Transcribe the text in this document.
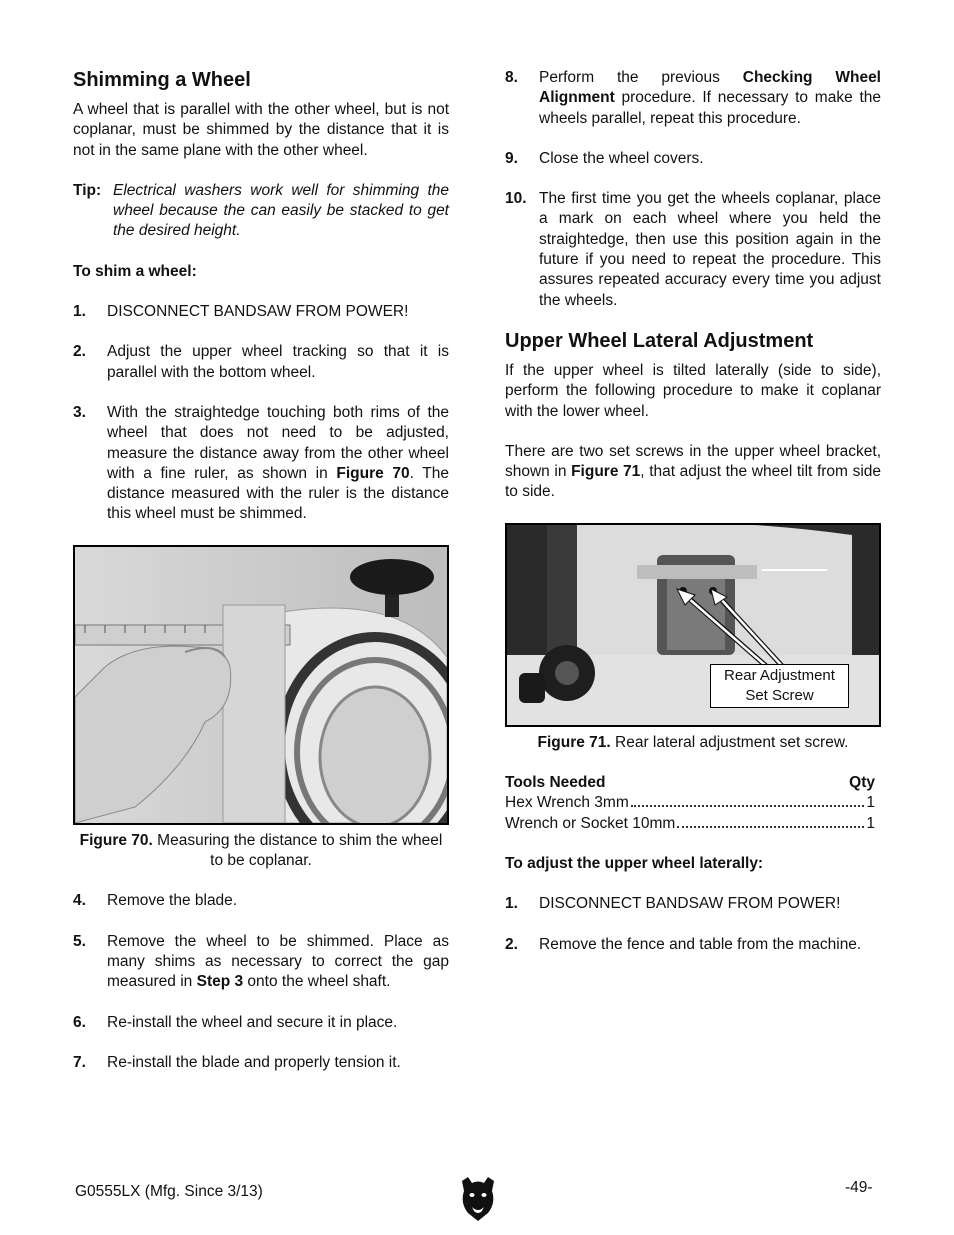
Shimming a Wheel

A wheel that is parallel with the other wheel, but is not coplanar, must be shimmed by the distance that it is not in the same plane with the other wheel.

Tip: Electrical washers work well for shimming the wheel because the can easily be stacked to get the desired height.
To shim a wheel:
1.	DISCONNECT BANDSAW FROM POWER!
2.	Adjust the upper wheel tracking so that it is parallel with the bottom wheel.
3.	With the straightedge touching both rims of the wheel that does not need to be adjusted, measure the distance away from the other wheel with a fine ruler, as shown in Figure 70. The distance measured with the ruler is the distance this wheel must be shimmed.
Figure 70. Measuring the distance to shim the wheel to be coplanar.
4.	Remove the blade.
5.	Remove the wheel to be shimmed. Place as many shims as necessary to correct the gap measured in Step 3 onto the wheel shaft.
6.	Re-install the wheel and secure it in place.
7.	Re-install the blade and properly tension it.
8.	Perform the previous Checking Wheel Alignment procedure. If necessary to make the wheels parallel, repeat this procedure.
9.	Close the wheel covers.
10. The first time you get the wheels coplanar, place a mark on each wheel where you held the straightedge, then use this position again in the future if you need to repeat the procedure. This assures repeated accuracy every time you adjust the wheels.
Upper Wheel Lateral Adjustment

If the upper wheel is tilted laterally (side to side), perform the following procedure to make it coplanar with the lower wheel.

There are two set screws in the upper wheel bracket, shown in Figure 71, that adjust the wheel tilt from side to side.

Rear Adjustment
Set Screw
Figure 71. Rear lateral adjustment set screw.
Tools Needed	Qty
Hex Wrench 3mm	1
Wrench or Socket 10mm	1
To adjust the upper wheel laterally:
1.	DISCONNECT BANDSAW FROM POWER!
2.	Remove the fence and table from the machine.
G0555LX (Mfg. Since 3/13)	-49-
